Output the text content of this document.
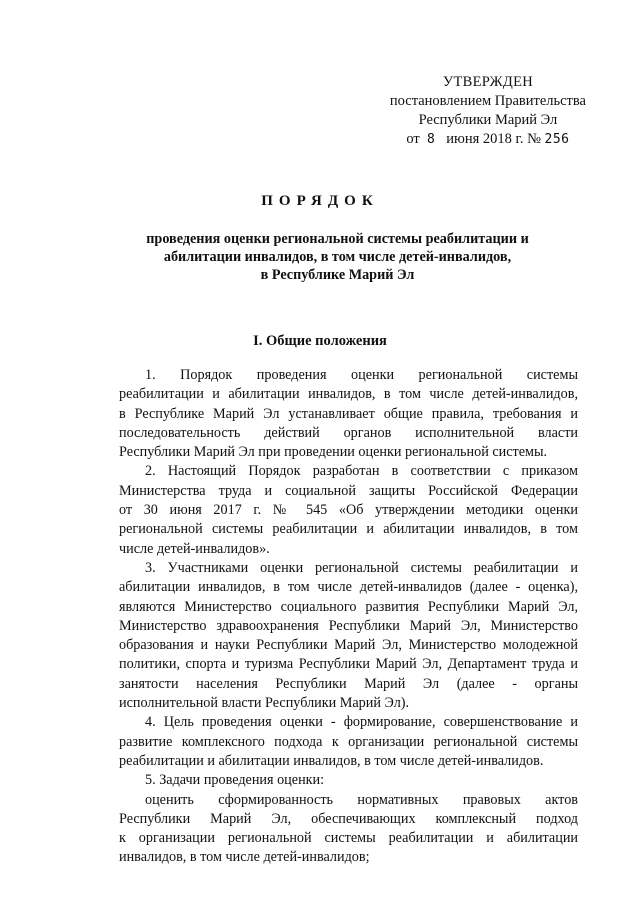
УТВЕРЖДЕН
постановлением Правительства
Республики Марий Эл
от 8 июня 2018 г. № 256
ПОРЯДОК
проведения оценки региональной системы реабилитации и
абилитации инвалидов, в том числе детей-инвалидов,
в Республике Марий Эл
I. Общие положения
1. Порядок проведения оценки региональной системы
реабилитации и абилитации инвалидов, в том числе детей-инвалидов,
в Республике Марий Эл устанавливает общие правила, требования и
последовательность действий органов исполнительной власти
Республики Марий Эл при проведении оценки региональной системы.
2. Настоящий Порядок разработан в соответствии с приказом
Министерства труда и социальной защиты Российской Федерации
от 30 июня 2017 г. № 545 «Об утверждении методики оценки
региональной системы реабилитации и абилитации инвалидов, в том
числе детей-инвалидов».
3. Участниками оценки региональной системы реабилитации и
абилитации инвалидов, в том числе детей-инвалидов (далее - оценка),
являются Министерство социального развития Республики Марий Эл,
Министерство здравоохранения Республики Марий Эл, Министерство
образования и науки Республики Марий Эл, Министерство молодежной
политики, спорта и туризма Республики Марий Эл, Департамент труда и
занятости населения Республики Марий Эл (далее - органы
исполнительной власти Республики Марий Эл).
4. Цель проведения оценки - формирование, совершенствование и
развитие комплексного подхода к организации региональной системы
реабилитации и абилитации инвалидов, в том числе детей-инвалидов.
5. Задачи проведения оценки:
оценить сформированность нормативных правовых актов
Республики Марий Эл, обеспечивающих комплексный подход
к организации региональной системы реабилитации и абилитации
инвалидов, в том числе детей-инвалидов;
